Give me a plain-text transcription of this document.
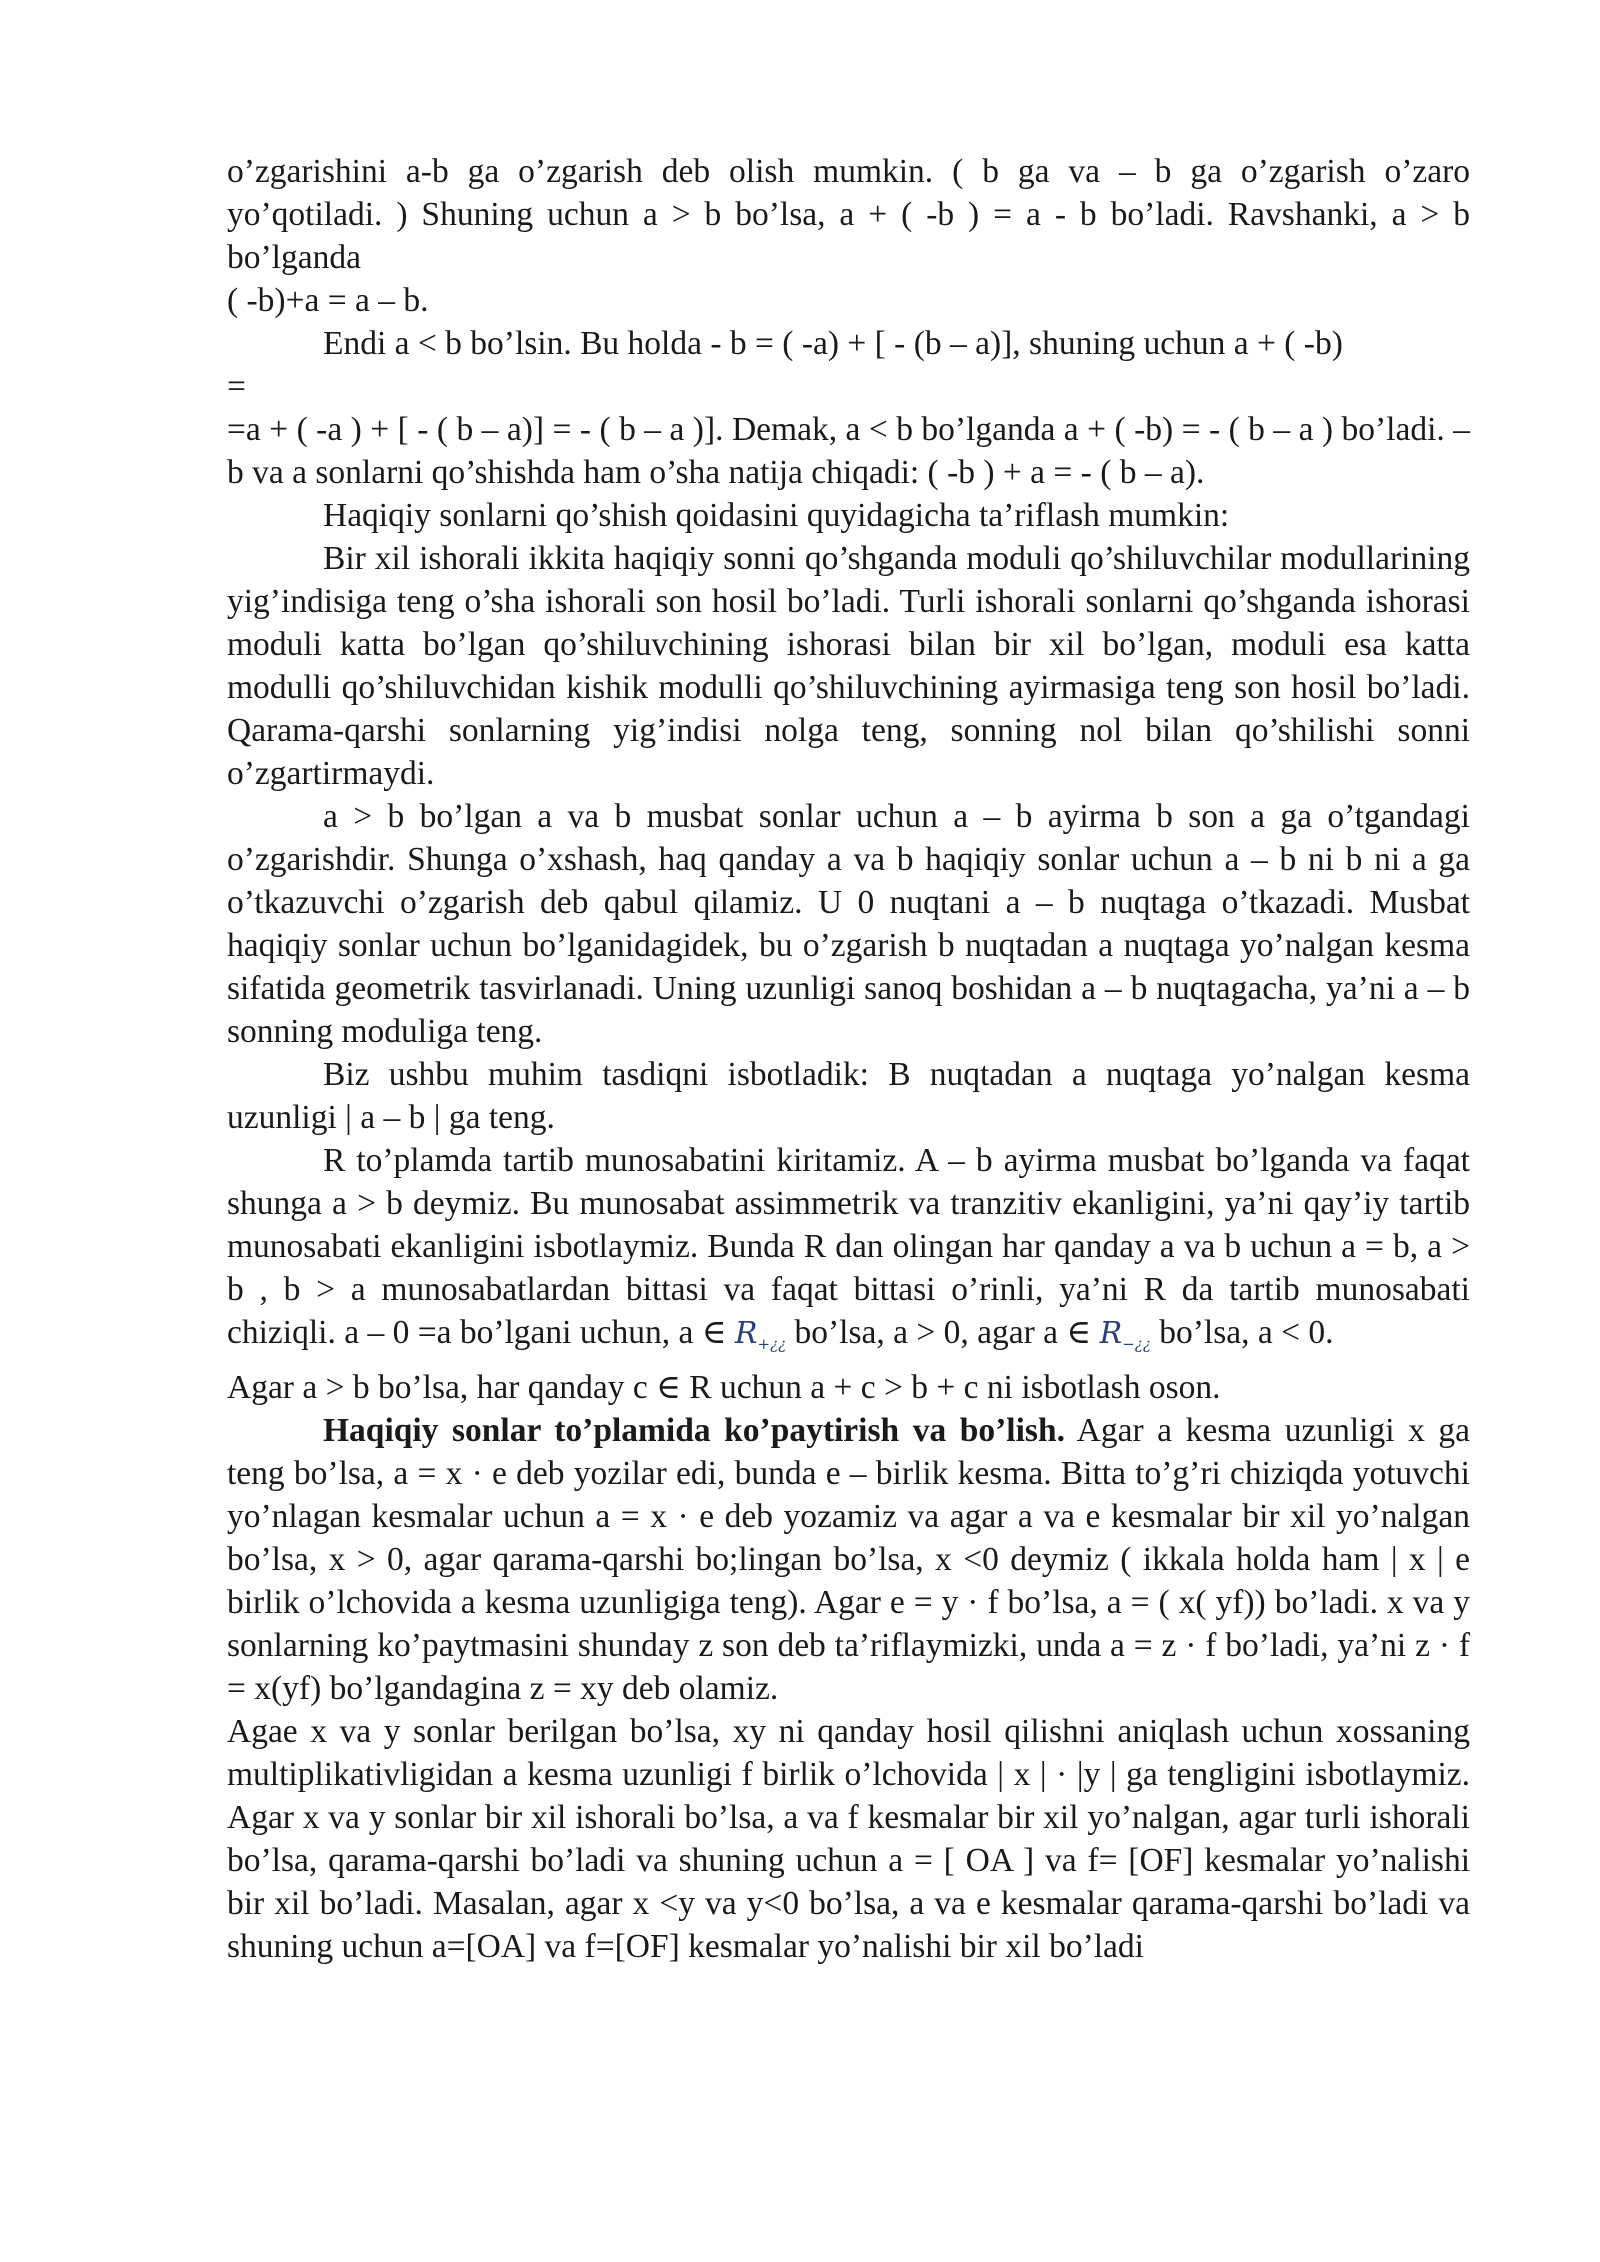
o’zgarishini a-b ga o’zgarish deb olish mumkin. ( b ga va – b ga o’zgarish o’zaro yo’qotiladi. ) Shuning uchun a > b bo’lsa, a + ( -b ) = a - b bo’ladi. Ravshanki, a > b bo’lganda

( -b)+a = a – b.

Endi a < b bo’lsin. Bu holda - b = ( -a) + [ - (b – a)], shuning uchun a + ( -b)

=

=a + ( -a ) + [ - ( b – a)] = - ( b – a )]. Demak, a < b bo’lganda a + ( -b) = - ( b – a ) bo’ladi. – b va a sonlarni qo’shishda ham o’sha natija chiqadi: ( -b ) + a = - ( b – a).

Haqiqiy sonlarni qo’shish qoidasini quyidagicha ta’riflash mumkin:

Bir xil ishorali ikkita haqiqiy sonni qo’shganda moduli qo’shiluvchilar modullarining yig’indisiga teng o’sha ishorali son hosil bo’ladi. Turli ishorali sonlarni qo’shganda ishorasi moduli katta bo’lgan qo’shiluvchining ishorasi bilan bir xil bo’lgan, moduli esa katta modulli qo’shiluvchidan kishik modulli qo’shiluvchining ayirmasiga teng son hosil bo’ladi. Qarama-qarshi sonlarning yig’indisi nolga teng, sonning nol bilan qo’shilishi sonni o’zgartirmaydi.

a > b bo’lgan a va b musbat sonlar uchun a – b ayirma b son a ga o’tgandagi o’zgarishdir. Shunga o’xshash, haq qanday a va b haqiqiy sonlar uchun a – b ni b ni a ga o’tkazuvchi o’zgarish deb qabul qilamiz. U 0 nuqtani a – b nuqtaga o’tkazadi. Musbat haqiqiy sonlar uchun bo’lganidagidek, bu o’zgarish b nuqtadan a nuqtaga yo’nalgan kesma sifatida geometrik tasvirlanadi. Uning uzunligi sanoq boshidan a – b nuqtagacha, ya’ni a – b sonning moduliga teng.

Biz ushbu muhim tasdiqni isbotladik: B nuqtadan a nuqtaga yo’nalgan kesma uzunligi | a – b | ga teng.

R to’plamda tartib munosabatini kiritamiz. A – b ayirma musbat bo’lganda va faqat shunga a > b deymiz. Bu munosabat assimmetrik va tranzitiv ekanligini, ya’ni qay’iy tartib munosabati ekanligini isbotlaymiz. Bunda R dan olingan har qanday a va b uchun a = b, a > b , b > a munosabatlardan bittasi va faqat bittasi o’rinli, ya’ni R da tartib munosabati chiziqli. a – 0 =a bo’lgani uchun, a ∈ R+¿¿ bo’lsa, a > 0, agar a ∈ R−¿¿ bo’lsa, a < 0.

Agar a > b bo’lsa, har qanday c ∈ R uchun a + c > b + c ni isbotlash oson.

Haqiqiy sonlar to’plamida ko’paytirish va bo’lish. Agar a kesma uzunligi x ga teng bo’lsa, a = x · e deb yozilar edi, bunda e – birlik kesma. Bitta to’g’ri chiziqda yotuvchi yo’nlagan kesmalar uchun a = x · e deb yozamiz va agar a va e kesmalar bir xil yo’nalgan bo’lsa, x > 0, agar qarama-qarshi bo;lingan bo’lsa, x <0 deymiz ( ikkala holda ham | x | e birlik o’lchovida a kesma uzunligiga teng). Agar e = y · f bo’lsa, a = ( x( yf)) bo’ladi. x va y sonlarning ko’paytmasini shunday z son deb ta’riflaymizki, unda a = z · f bo’ladi, ya’ni z · f = x(yf) bo’lgandagina z = xy deb olamiz.

Agae x va y sonlar berilgan bo’lsa, xy ni qanday hosil qilishni aniqlash uchun xossaning multiplikativligidan a kesma uzunligi f birlik o’lchovida | x | · |y | ga tengligini isbotlaymiz. Agar x va y sonlar bir xil ishorali bo’lsa, a va f kesmalar bir xil yo’nalgan, agar turli ishorali bo’lsa, qarama-qarshi bo’ladi va shuning uchun a = [ OA ] va f= [OF] kesmalar yo’nalishi bir xil bo’ladi. Masalan, agar x <y va y<0 bo’lsa, a va e kesmalar qarama-qarshi bo’ladi va shuning uchun a=[OA] va f=[OF] kesmalar yo’nalishi bir xil bo’ladi
